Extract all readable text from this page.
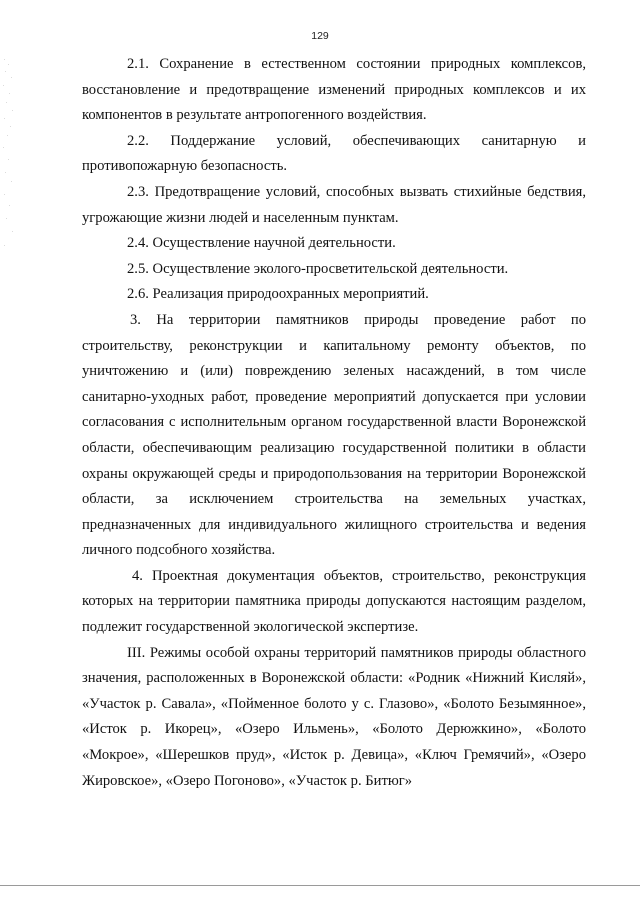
129

2.1. Сохранение в естественном состоянии природных комплексов, восстановление и предотвращение изменений природных комплексов и их компонентов в результате антропогенного воздействия.

2.2. Поддержание условий, обеспечивающих санитарную и противопожарную безопасность.

2.3. Предотвращение условий, способных вызвать стихийные бедствия, угрожающие жизни людей и населенным пунктам.

2.4. Осуществление научной деятельности.

2.5. Осуществление эколого-просветительской деятельности.

2.6. Реализация природоохранных мероприятий.

3. На территории памятников природы проведение работ по строительству, реконструкции и капитальному ремонту объектов, по уничтожению и (или) повреждению зеленых насаждений, в том числе санитарно-уходных работ, проведение мероприятий допускается при условии согласования с исполнительным органом государственной власти Воронежской области, обеспечивающим реализацию государственной политики в области охраны окружающей среды и природопользования на территории Воронежской области, за исключением строительства на земельных участках, предназначенных для индивидуального жилищного строительства и ведения личного подсобного хозяйства.

4. Проектная документация объектов, строительство, реконструкция которых на территории памятника природы допускаются настоящим разделом, подлежит государственной экологической экспертизе.

III. Режимы особой охраны территорий памятников природы областного значения, расположенных в Воронежской области: «Родник «Нижний Кисляй», «Участок р. Савала», «Пойменное болото у с. Глазово», «Болото Безымянное», «Исток р. Икорец», «Озеро Ильмень», «Болото Дерюжкино», «Болото «Мокрое», «Шерешков пруд», «Исток р. Девица», «Ключ Гремячий», «Озеро Жировское», «Озеро Погоново», «Участок р. Битюг»
